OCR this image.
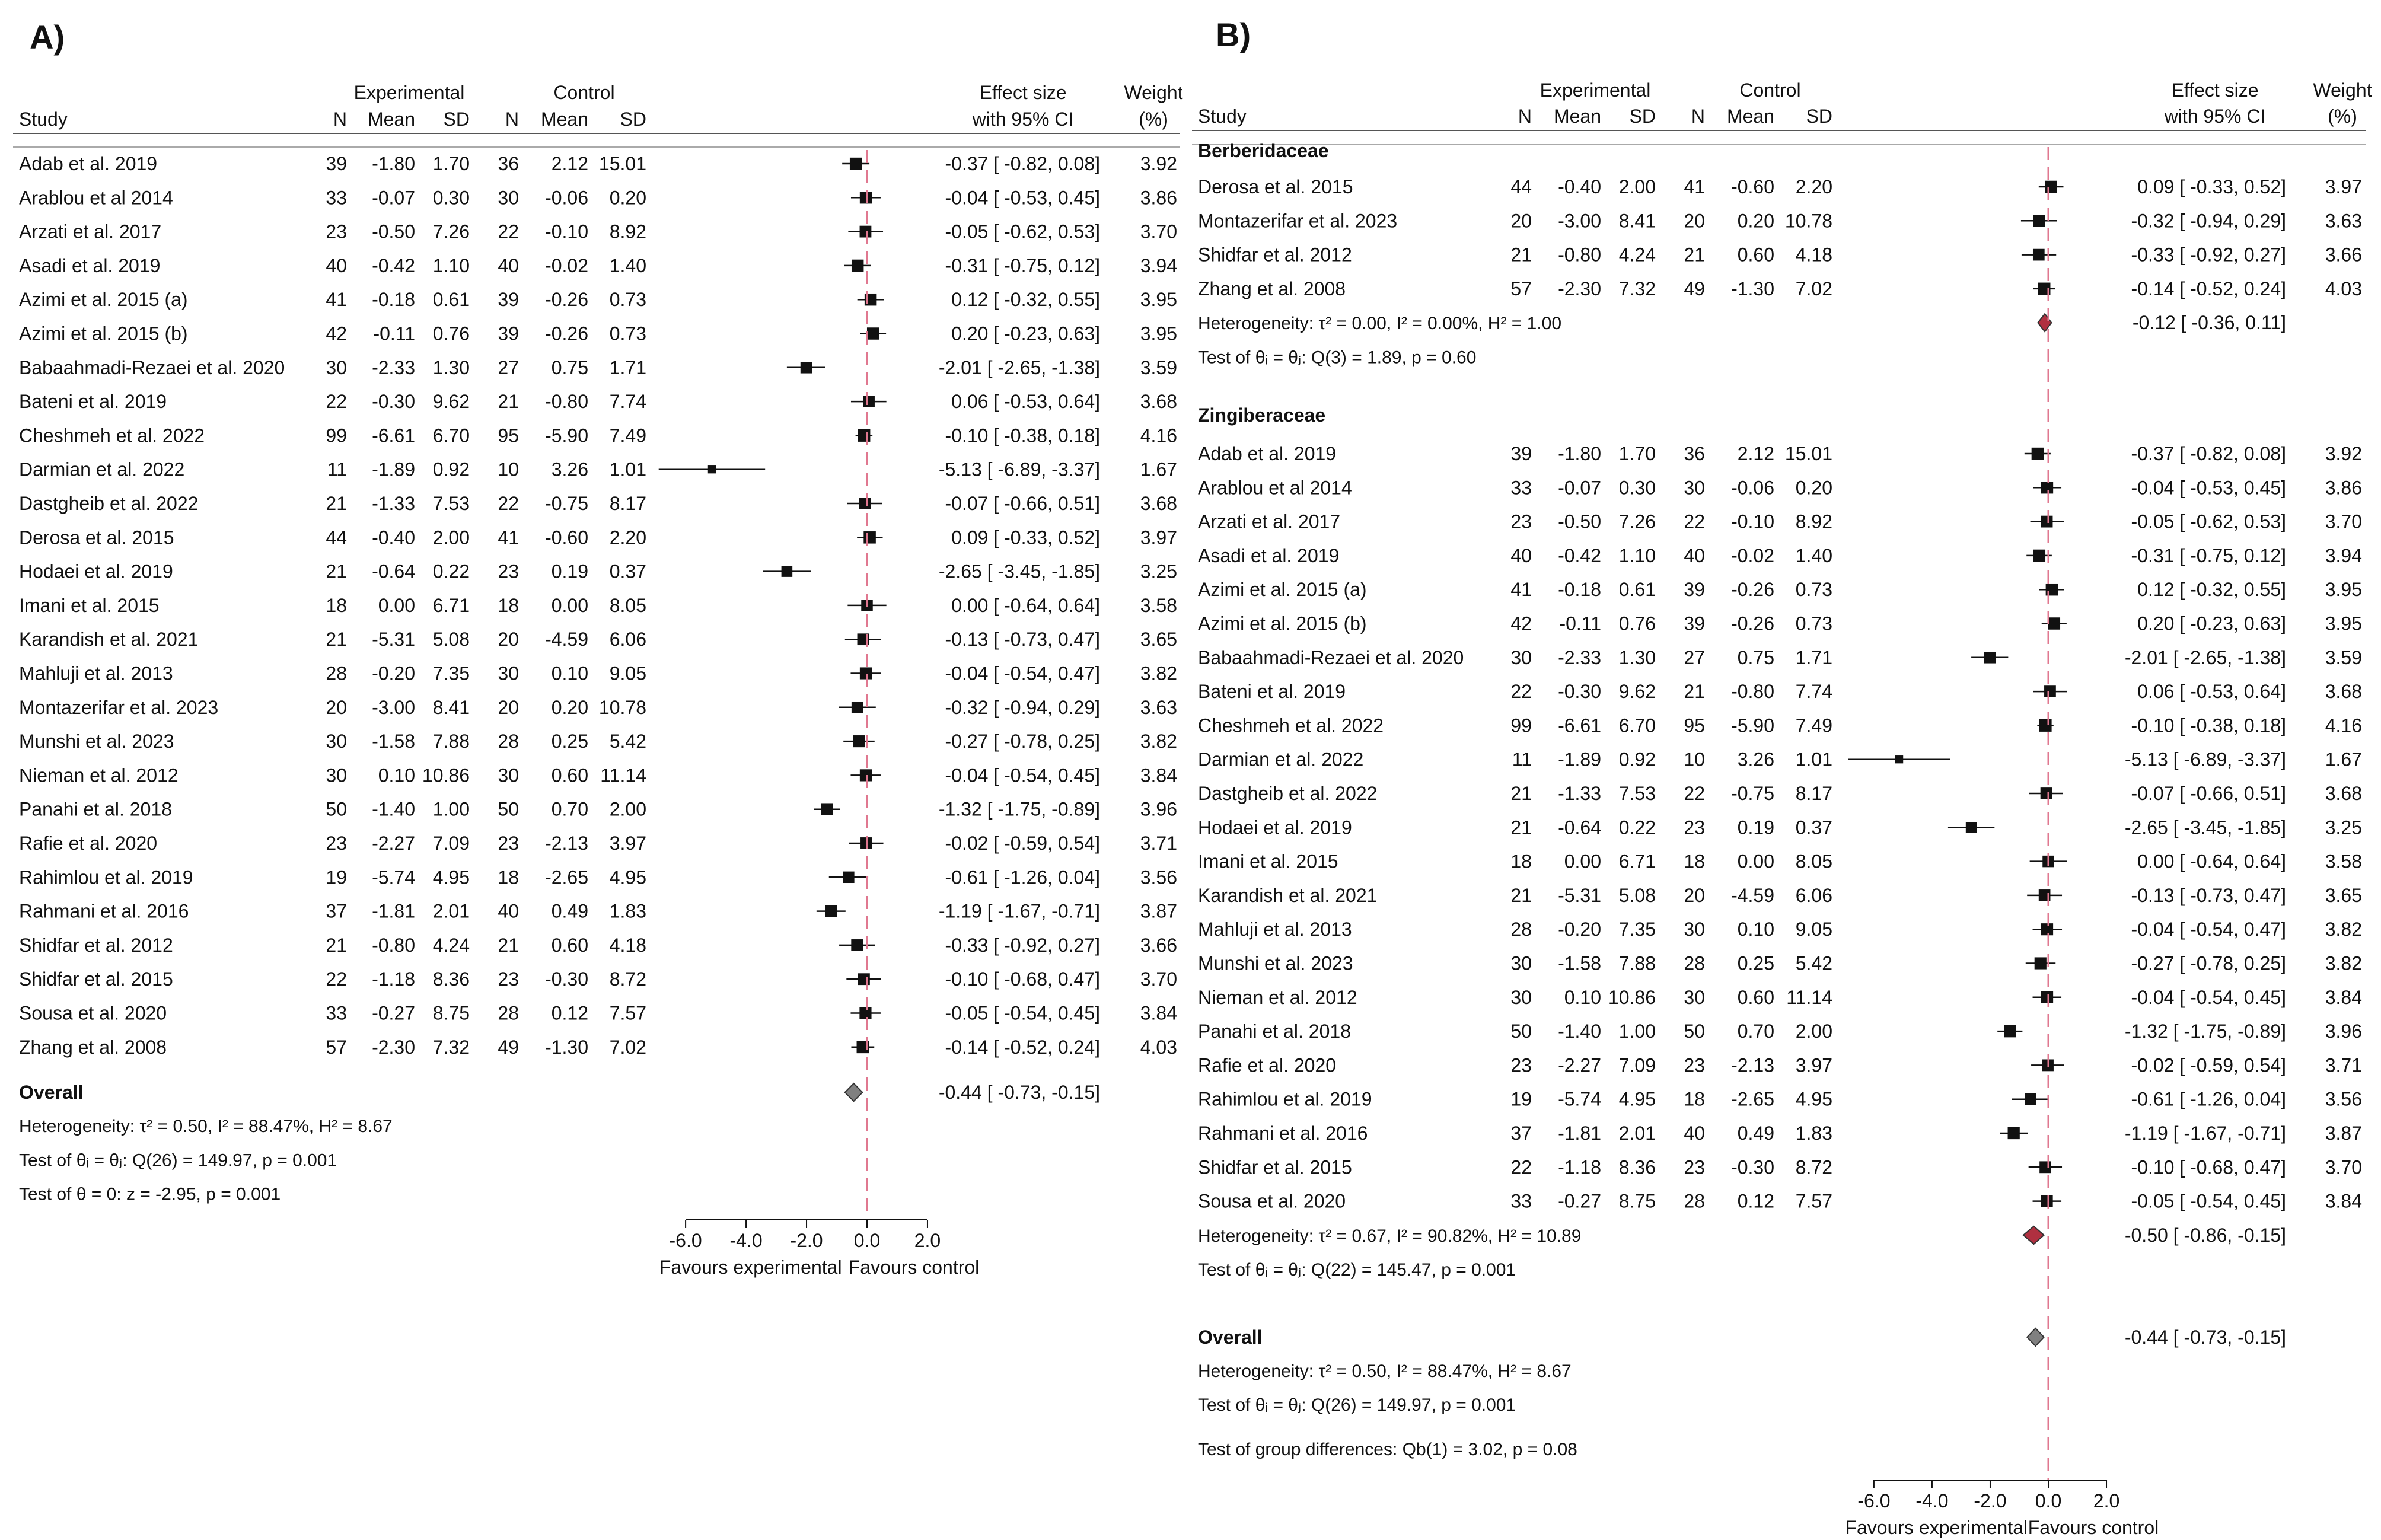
A)
Experimental	Control	Effect size	Weight
Study	N Mean SD N Mean SD	with 95% CI	(%)
Adab et al. 2019	39 -1.80 1.70 36 2.12 15.01	-0.37 [ -0.82, 0.08] 3.92
Arablou et al 2014	33 -0.07 0.30 30 -0.06 0.20	-0.04 [ -0.53, 0.45] 3.86
Arzati et al. 2017	23 -0.50 7.26 22 -0.10 8.92	-0.05 [ -0.62, 0.53] 3.70
Asadi et al. 2019	40 -0.42 1.10 40 -0.02 1.40	-0.31 [ -0.75, 0.12] 3.94
Azimi et al. 2015 (a)	41 -0.18 0.61 39 -0.26 0.73	0.12 [ -0.32, 0.55] 3.95
Azimi et al. 2015 (b)	42 -0.11 0.76 39 -0.26 0.73	0.20 [ -0.23, 0.63] 3.95
Babaahmadi-Rezaei et al. 2020 30 -2.33 1.30 27 0.75 1.71	-2.01 [ -2.65, -1.38] 3.59
Bateni et al. 2019	22 -0.30 9.62 21 -0.80 7.74	0.06 [ -0.53, 0.64] 3.68
Cheshmeh et al. 2022	99 -6.61 6.70 95 -5.90 7.49	-0.10 [ -0.38, 0.18] 4.16
Darmian et al. 2022	11 -1.89 0.92 10 3.26 1.01	-5.13 [ -6.89, -3.37] 1.67
Dastgheib et al. 2022	21 -1.33 7.53 22 -0.75 8.17	-0.07 [ -0.66, 0.51] 3.68
Derosa et al. 2015	44 -0.40 2.00 41 -0.60 2.20	0.09 [ -0.33, 0.52] 3.97
Hodaei et al. 2019	21 -0.64 0.22 23 0.19 0.37	-2.65 [ -3.45, -1.85] 3.25
Imani et al. 2015	18 0.00 6.71 18 0.00 8.05	0.00 [ -0.64, 0.64] 3.58
Karandish et al. 2021	21 -5.31 5.08 20 -4.59 6.06	-0.13 [ -0.73, 0.47] 3.65
Mahluji et al. 2013	28 -0.20 7.35 30 0.10 9.05	-0.04 [ -0.54, 0.47] 3.82
Montazerifar et al. 2023	20 -3.00 8.41 20 0.20 10.78	-0.32 [ -0.94, 0.29] 3.63
Munshi et al. 2023	30 -1.58 7.88 28 0.25 5.42	-0.27 [ -0.78, 0.25] 3.82
Nieman et al. 2012	30 0.10 10.86 30 0.60 11.14	-0.04 [ -0.54, 0.45] 3.84
Panahi et al. 2018	50 -1.40 1.00 50 0.70 2.00	-1.32 [ -1.75, -0.89] 3.96
Rafie et al. 2020	23 -2.27 7.09 23 -2.13 3.97	-0.02 [ -0.59, 0.54] 3.71
Rahimlou et al. 2019	19 -5.74 4.95 18 -2.65 4.95	-0.61 [ -1.26, 0.04] 3.56
Rahmani et al. 2016	37 -1.81 2.01 40 0.49 1.83	-1.19 [ -1.67, -0.71] 3.87
Shidfar et al. 2012	21 -0.80 4.24 21 0.60 4.18	-0.33 [ -0.92, 0.27] 3.66
Shidfar et al. 2015	22 -1.18 8.36 23 -0.30 8.72	-0.10 [ -0.68, 0.47] 3.70
Sousa et al. 2020	33 -0.27 8.75 28 0.12 7.57	-0.05 [ -0.54, 0.45] 3.84
Zhang et al. 2008	57 -2.30 7.32 49 -1.30 7.02	-0.14 [ -0.52, 0.24] 4.03
Overall	-0.44 [ -0.73, -0.15]
Heterogeneity: τ² = 0.50, I² = 88.47%, H² = 8.67
Test of θᵢ = θⱼ: Q(26) = 149.97, p = 0.001
Test of θ = 0: z = -2.95, p = 0.001
-6.0 -4.0 -2.0 0.0 2.0
Favours experimental Favours control
B)
Experimental	Control	Effect size	Weight
Study	N Mean SD N Mean SD	with 95% CI	(%)
Berberidaceae
Derosa et al. 2015	44 -0.40 2.00 41 -0.60 2.20	0.09 [ -0.33, 0.52] 3.97
Montazerifar et al. 2023	20 -3.00 8.41 20 0.20 10.78	-0.32 [ -0.94, 0.29] 3.63
Shidfar et al. 2012	21 -0.80 4.24 21 0.60 4.18	-0.33 [ -0.92, 0.27] 3.66
Zhang et al. 2008	57 -2.30 7.32 49 -1.30 7.02	-0.14 [ -0.52, 0.24] 4.03
Heterogeneity: τ² = 0.00, I² = 0.00%, H² = 1.00	-0.12 [ -0.36, 0.11]
Test of θᵢ = θⱼ: Q(3) = 1.89, p = 0.60
Zingiberaceae
Adab et al. 2019	39 -1.80 1.70 36 2.12 15.01	-0.37 [ -0.82, 0.08] 3.92
Arablou et al 2014	33 -0.07 0.30 30 -0.06 0.20	-0.04 [ -0.53, 0.45] 3.86
Arzati et al. 2017	23 -0.50 7.26 22 -0.10 8.92	-0.05 [ -0.62, 0.53] 3.70
Asadi et al. 2019	40 -0.42 1.10 40 -0.02 1.40	-0.31 [ -0.75, 0.12] 3.94
Azimi et al. 2015 (a)	41 -0.18 0.61 39 -0.26 0.73	0.12 [ -0.32, 0.55] 3.95
Azimi et al. 2015 (b)	42 -0.11 0.76 39 -0.26 0.73	0.20 [ -0.23, 0.63] 3.95
Babaahmadi-Rezaei et al. 2020 30 -2.33 1.30 27 0.75 1.71	-2.01 [ -2.65, -1.38] 3.59
Bateni et al. 2019	22 -0.30 9.62 21 -0.80 7.74	0.06 [ -0.53, 0.64] 3.68
Cheshmeh et al. 2022	99 -6.61 6.70 95 -5.90 7.49	-0.10 [ -0.38, 0.18] 4.16
Darmian et al. 2022	11 -1.89 0.92 10 3.26 1.01	-5.13 [ -6.89, -3.37] 1.67
Dastgheib et al. 2022	21 -1.33 7.53 22 -0.75 8.17	-0.07 [ -0.66, 0.51] 3.68
Hodaei et al. 2019	21 -0.64 0.22 23 0.19 0.37	-2.65 [ -3.45, -1.85] 3.25
Imani et al. 2015	18 0.00 6.71 18 0.00 8.05	0.00 [ -0.64, 0.64] 3.58
Karandish et al. 2021	21 -5.31 5.08 20 -4.59 6.06	-0.13 [ -0.73, 0.47] 3.65
Mahluji et al. 2013	28 -0.20 7.35 30 0.10 9.05	-0.04 [ -0.54, 0.47] 3.82
Munshi et al. 2023	30 -1.58 7.88 28 0.25 5.42	-0.27 [ -0.78, 0.25] 3.82
Nieman et al. 2012	30 0.10 10.86 30 0.60 11.14	-0.04 [ -0.54, 0.45] 3.84
Panahi et al. 2018	50 -1.40 1.00 50 0.70 2.00	-1.32 [ -1.75, -0.89] 3.96
Rafie et al. 2020	23 -2.27 7.09 23 -2.13 3.97	-0.02 [ -0.59, 0.54] 3.71
Rahimlou et al. 2019	19 -5.74 4.95 18 -2.65 4.95	-0.61 [ -1.26, 0.04] 3.56
Rahmani et al. 2016	37 -1.81 2.01 40 0.49 1.83	-1.19 [ -1.67, -0.71] 3.87
Shidfar et al. 2015	22 -1.18 8.36 23 -0.30 8.72	-0.10 [ -0.68, 0.47] 3.70
Sousa et al. 2020	33 -0.27 8.75 28 0.12 7.57	-0.05 [ -0.54, 0.45] 3.84
Heterogeneity: τ² = 0.67, I² = 90.82%, H² = 10.89	-0.50 [ -0.86, -0.15]
Test of θᵢ = θⱼ: Q(22) = 145.47, p = 0.001
Overall	-0.44 [ -0.73, -0.15]
Heterogeneity: τ² = 0.50, I² = 88.47%, H² = 8.67
Test of θᵢ = θⱼ: Q(26) = 149.97, p = 0.001
Test of group differences: Qb(1) = 3.02, p = 0.08
-6.0 -4.0 -2.0 0.0 2.0
Favours experimental Favours control
